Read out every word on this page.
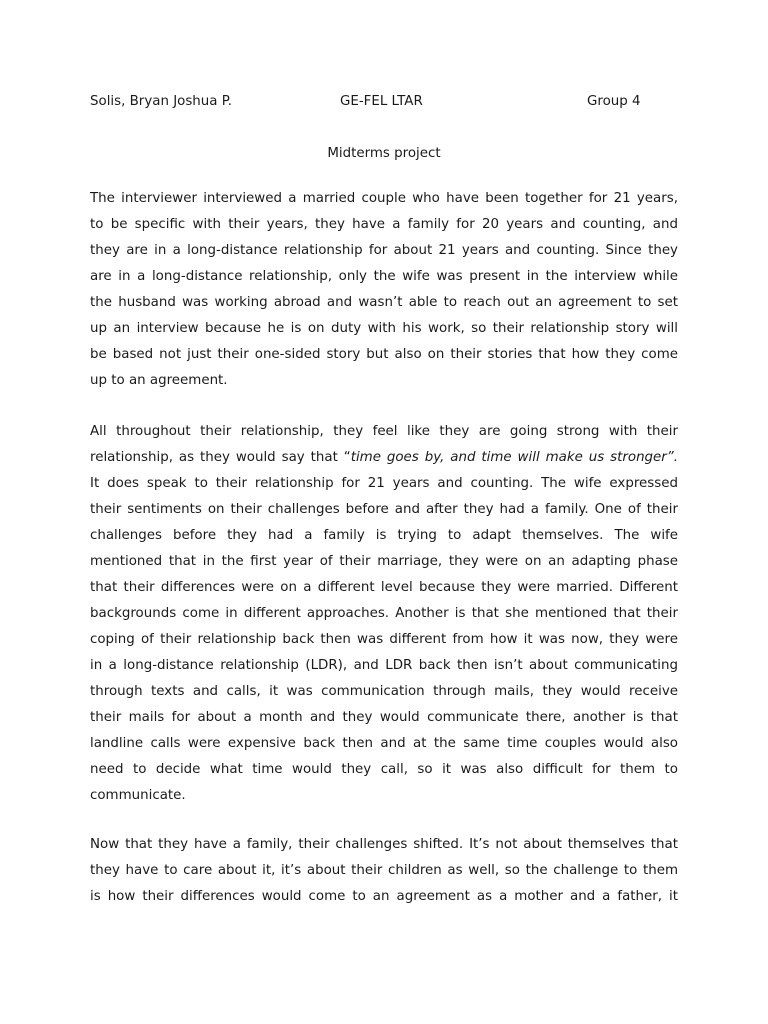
Solis, Bryan Joshua P.	GE-FEL LTAR	Group 4
Midterms project
The interviewer interviewed a married couple who have been together for 21 years,
to be specific with their years, they have a family for 20 years and counting, and
they are in a long-distance relationship for about 21 years and counting. Since they
are in a long-distance relationship, only the wife was present in the interview while
the husband was working abroad and wasn’t able to reach out an agreement to set
up an interview because he is on duty with his work, so their relationship story will
be based not just their one-sided story but also on their stories that how they come
up to an agreement.
All throughout their relationship, they feel like they are going strong with their
relationship, as they would say that “time goes by, and time will make us stronger”.
It does speak to their relationship for 21 years and counting. The wife expressed
their sentiments on their challenges before and after they had a family. One of their
challenges before they had a family is trying to adapt themselves. The wife
mentioned that in the first year of their marriage, they were on an adapting phase
that their differences were on a different level because they were married. Different
backgrounds come in different approaches. Another is that she mentioned that their
coping of their relationship back then was different from how it was now, they were
in a long-distance relationship (LDR), and LDR back then isn’t about communicating
through texts and calls, it was communication through mails, they would receive
their mails for about a month and they would communicate there, another is that
landline calls were expensive back then and at the same time couples would also
need to decide what time would they call, so it was also difficult for them to
communicate.
Now that they have a family, their challenges shifted. It’s not about themselves that
they have to care about it, it’s about their children as well, so the challenge to them
is how their differences would come to an agreement as a mother and a father, it
